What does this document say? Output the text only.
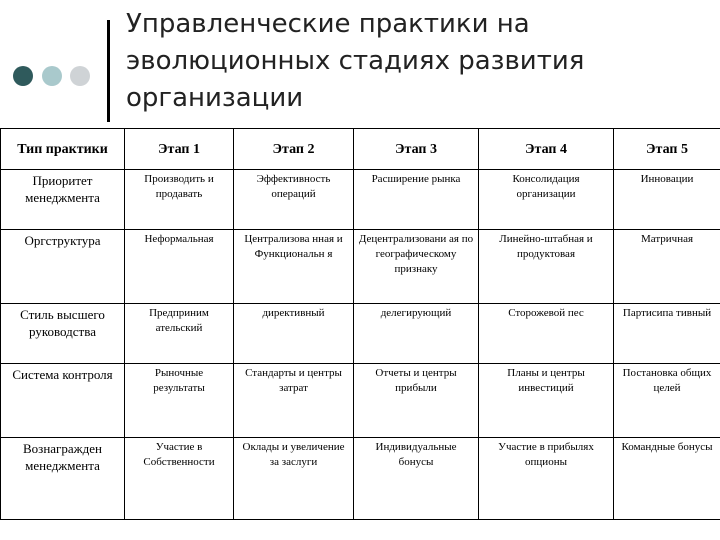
Управленческие практики на
эволюционных стадиях развития
организации
Тип практики	Этап 1	Этап 2	Этап 3	Этап 4	Этап 5
Приоритет менеджмента	Производить и продавать	Эффективность операций	Расширение рынка	Консолидация организации	Инновации
Оргструктура	Неформальная	Централизова нная и Функциональн я	Децентрализовани ая по географическому признаку	Линейно-штабная и продуктовая	Матричная
Стиль высшего руководства	Предприним ательский	директивный	делегирующий	Сторожевой пес	Партисипа тивный
Система контроля	Рыночные результаты	Стандарты и центры затрат	Отчеты и центры прибыли	Планы и центры инвестиций	Постановка общих целей
Вознагражден менеджмента	Участие в Собственности	Оклады и увеличение за заслуги	Индивидуальные бонусы	Участие в прибылях опционы	Командные бонусы
